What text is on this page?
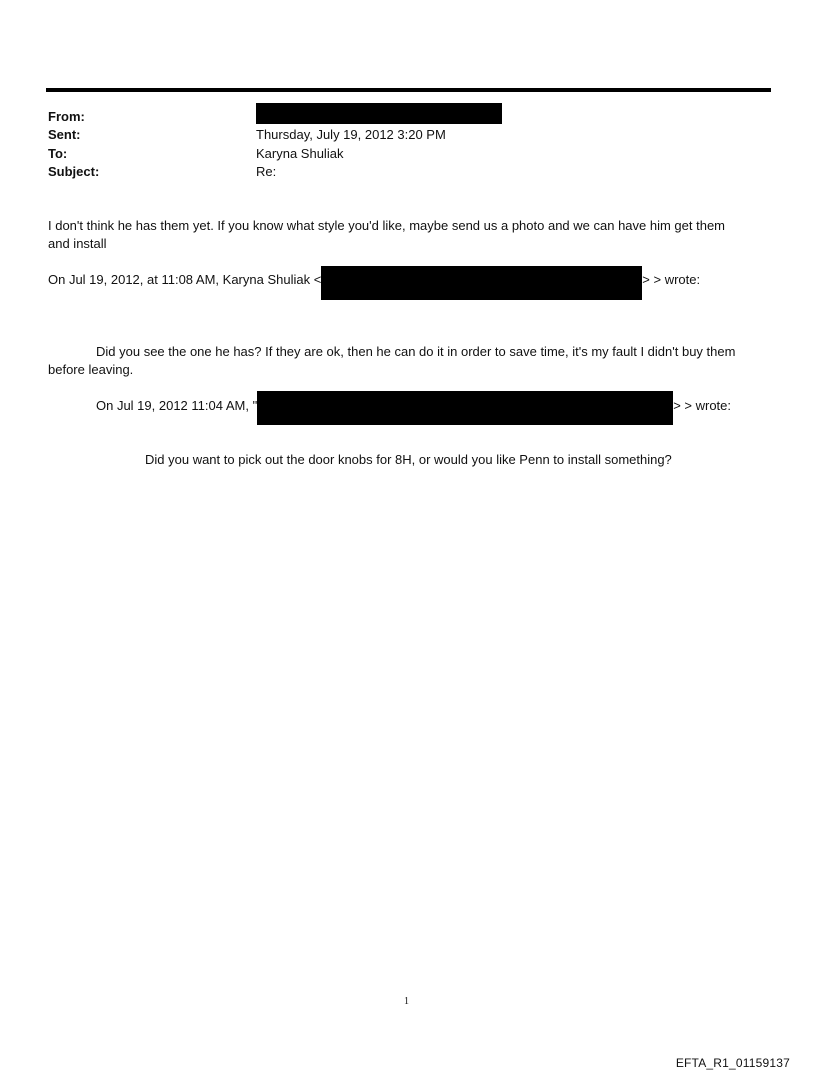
From:
Sent:	Thursday, July 19, 2012 3:20 PM
To:	Karyna Shuliak
Subject:	Re:
I don't think he has them yet. If you know what style you'd like, maybe send us a photo and we can have him get them
and install
On Jul 19, 2012, at 11:08 AM, Karyna Shuliak <	> > wrote:
Did you see the one he has? If they are ok, then he can do it in order to save time, it's my fault I didn't buy them
before leaving.
On Jul 19, 2012 11:04 AM, "	> > wrote:
Did you want to pick out the door knobs for 8H, or would you like Penn to install something?
1
EFTA_R1_01159137
